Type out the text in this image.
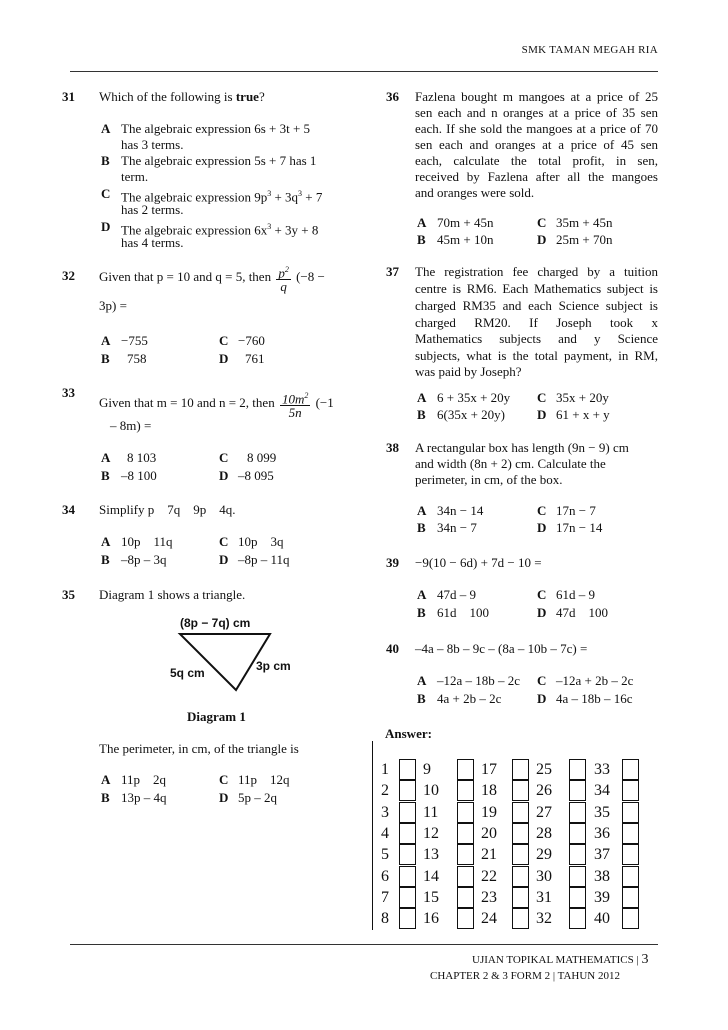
SMK TAMAN MEGAH RIA
31 Which of the following is true?
A The algebraic expression 6s + 3t + 5
has 3 terms.
B The algebraic expression 5s + 7 has 1
term.
C The algebraic expression $9p^3 + 3q^3 + 7$
has 2 terms.
D The algebraic expression $6x^3 + 3y + 8$
has 4 terms.
32 Given that p = 10 and q = 5, then $\frac{p^2}{q} (-8$ −
3p) =
A −755
B 758
C −760
D 761
33
Given that m = 10 and n = 2, then $\frac{10m^2}{5n} (-1$
– 8m) =
A 8 103
B –8 100
C 8 099
D –8 095
34 Simplify p    7q    9p    4q.
A 10p    11q
B –8p – 3q
C 10p    3q
D –8p – 11q
35 Diagram 1 shows a triangle.
(8p − 7q) cm
5q cm	3p cm
Diagram 1
The perimeter, in cm, of the triangle is
A 11p    2q
B 13p – 4q
C 11p    12q
D 5p – 2q
36 Fazlena bought m mangoes at a price of 25
sen each and n oranges at a price of 35 sen
each. If she sold the mangoes at a price of 70
sen each and oranges at a price of 45 sen
each, calculate the total profit, in sen,
received by Fazlena after all the mangoes
and oranges were sold.
A 70m + 45n
B 45m + 10n
C 35m + 45n
D 25m + 70n
37 The registration fee charged by a tuition
centre is RM6. Each Mathematics subject is
charged RM35 and each Science subject is
charged RM20. If Joseph took x
Mathematics subjects and y Science
subjects, what is the total payment, in RM,
was paid by Joseph?
A 6 + 35x + 20y
B 6(35x + 20y)
C 35x + 20y
D 61 + x + y
38 A rectangular box has length (9n − 9) cm
and width (8n + 2) cm. Calculate the
perimeter, in cm, of the box.
A 34n − 14
B 34n − 7
C 17n − 7
D 17n − 14
39 −9(10 − 6d) + 7d − 10 =
A 47d – 9
B 61d    100
C 61d – 9
D 47d    100
40 –4a – 8b – 9c – (8a – 10b – 7c) =
A –12a – 18b – 2c
B 4a + 2b – 2c
C –12a + 2b – 2c
D 4a – 18b – 16c
Answer:
1 9	17 25	33
2 10	18 26	34
3 11	19 27	35
4 12	20 28	36
5 13	21 29	37
6 14	22 30	38
7 15	23 31	39
8 16	24 32	40
UJIAN TOPIKAL MATHEMATICS | 3
CHAPTER 2 & 3 FORM 2 | TAHUN 2012
